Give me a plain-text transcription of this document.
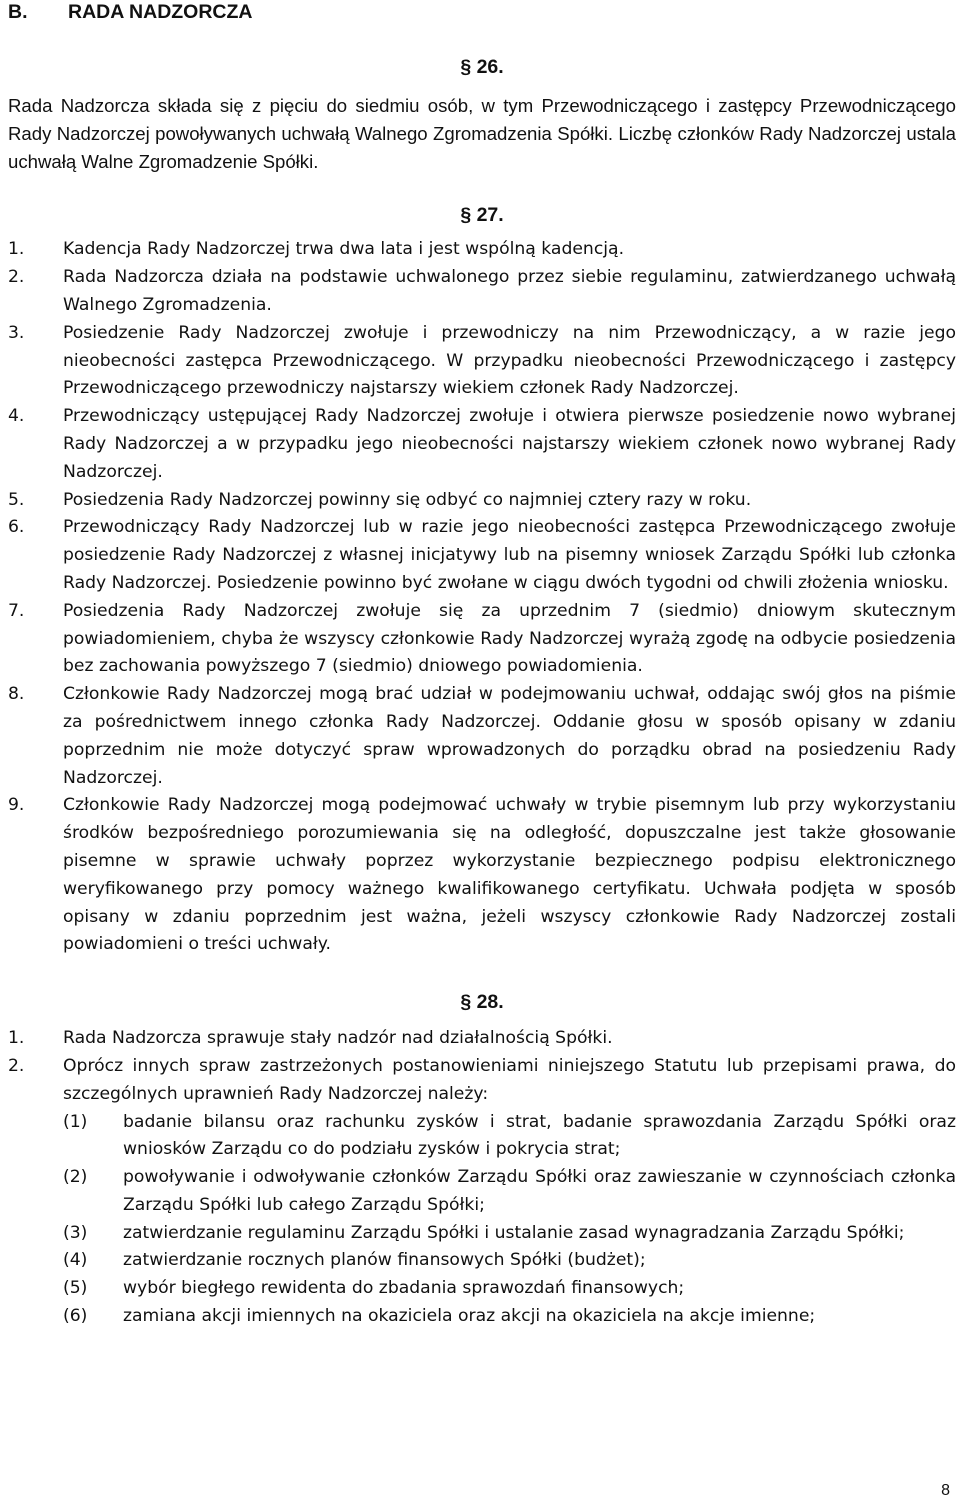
B. RADA NADZORCZA
§ 26.
Rada Nadzorcza składa się z pięciu do siedmiu osób, w tym Przewodniczącego i zastępcy Przewodniczącego Rady Nadzorczej powoływanych uchwałą Walnego Zgromadzenia Spółki. Liczbę członków Rady Nadzorczej ustala uchwałą Walne Zgromadzenie Spółki.
§ 27.
1.	Kadencja Rady Nadzorczej trwa dwa lata i jest wspólną kadencją.
2.	Rada Nadzorcza działa na podstawie uchwalonego przez siebie regulaminu, zatwierdzanego uchwałą Walnego Zgromadzenia.
3.	Posiedzenie Rady Nadzorczej zwołuje i przewodniczy na nim Przewodniczący, a w razie jego nieobecności zastępca Przewodniczącego. W przypadku nieobecności Przewodniczącego i zastępcy Przewodniczącego przewodniczy najstarszy wiekiem członek Rady Nadzorczej.
4.	Przewodniczący ustępującej Rady Nadzorczej zwołuje i otwiera pierwsze posiedzenie nowo wybranej Rady Nadzorczej a w przypadku jego nieobecności najstarszy wiekiem członek nowo wybranej Rady Nadzorczej.
5.	Posiedzenia Rady Nadzorczej powinny się odbyć co najmniej cztery razy w roku.
6.	Przewodniczący Rady Nadzorczej lub w razie jego nieobecności zastępca Przewodniczącego zwołuje posiedzenie Rady Nadzorczej z własnej inicjatywy lub na pisemny wniosek Zarządu Spółki lub członka Rady Nadzorczej. Posiedzenie powinno być zwołane w ciągu dwóch tygodni od chwili złożenia wniosku.
7.	Posiedzenia Rady Nadzorczej zwołuje się za uprzednim 7 (siedmio) dniowym skutecznym powiadomieniem, chyba że wszyscy członkowie Rady Nadzorczej wyrażą zgodę na odbycie posiedzenia bez zachowania powyższego 7 (siedmio) dniowego powiadomienia.
8.	Członkowie Rady Nadzorczej mogą brać udział w podejmowaniu uchwał, oddając swój głos na piśmie za pośrednictwem innego członka Rady Nadzorczej. Oddanie głosu w sposób opisany w zdaniu poprzednim nie może dotyczyć spraw wprowadzonych do porządku obrad na posiedzeniu Rady Nadzorczej.
9.	Członkowie Rady Nadzorczej mogą podejmować uchwały w trybie pisemnym lub przy wykorzystaniu środków bezpośredniego porozumiewania się na odległość, dopuszczalne jest także głosowanie pisemne w sprawie uchwały poprzez wykorzystanie bezpiecznego podpisu elektronicznego weryfikowanego przy pomocy ważnego kwalifikowanego certyfikatu. Uchwała podjęta w sposób opisany w zdaniu poprzednim jest ważna, jeżeli wszyscy członkowie Rady Nadzorczej zostali powiadomieni o treści uchwały.
§ 28.
1.	Rada Nadzorcza sprawuje stały nadzór nad działalnością Spółki.
2.	Oprócz innych spraw zastrzeżonych postanowieniami niniejszego Statutu lub przepisami prawa, do szczególnych uprawnień Rady Nadzorczej należy:
(1)	badanie bilansu oraz rachunku zysków i strat, badanie sprawozdania Zarządu Spółki oraz wniosków Zarządu co do podziału zysków i pokrycia strat;
(2)	powoływanie i odwoływanie członków Zarządu Spółki oraz zawieszanie w czynnościach członka Zarządu Spółki lub całego Zarządu Spółki;
(3)	zatwierdzanie regulaminu Zarządu Spółki i ustalanie zasad wynagradzania Zarządu Spółki;
(4)	zatwierdzanie rocznych planów finansowych Spółki (budżet);
(5)	wybór biegłego rewidenta do zbadania sprawozdań finansowych;
(6)	zamiana akcji imiennych na okaziciela oraz akcji na okaziciela na akcje imienne;
8
